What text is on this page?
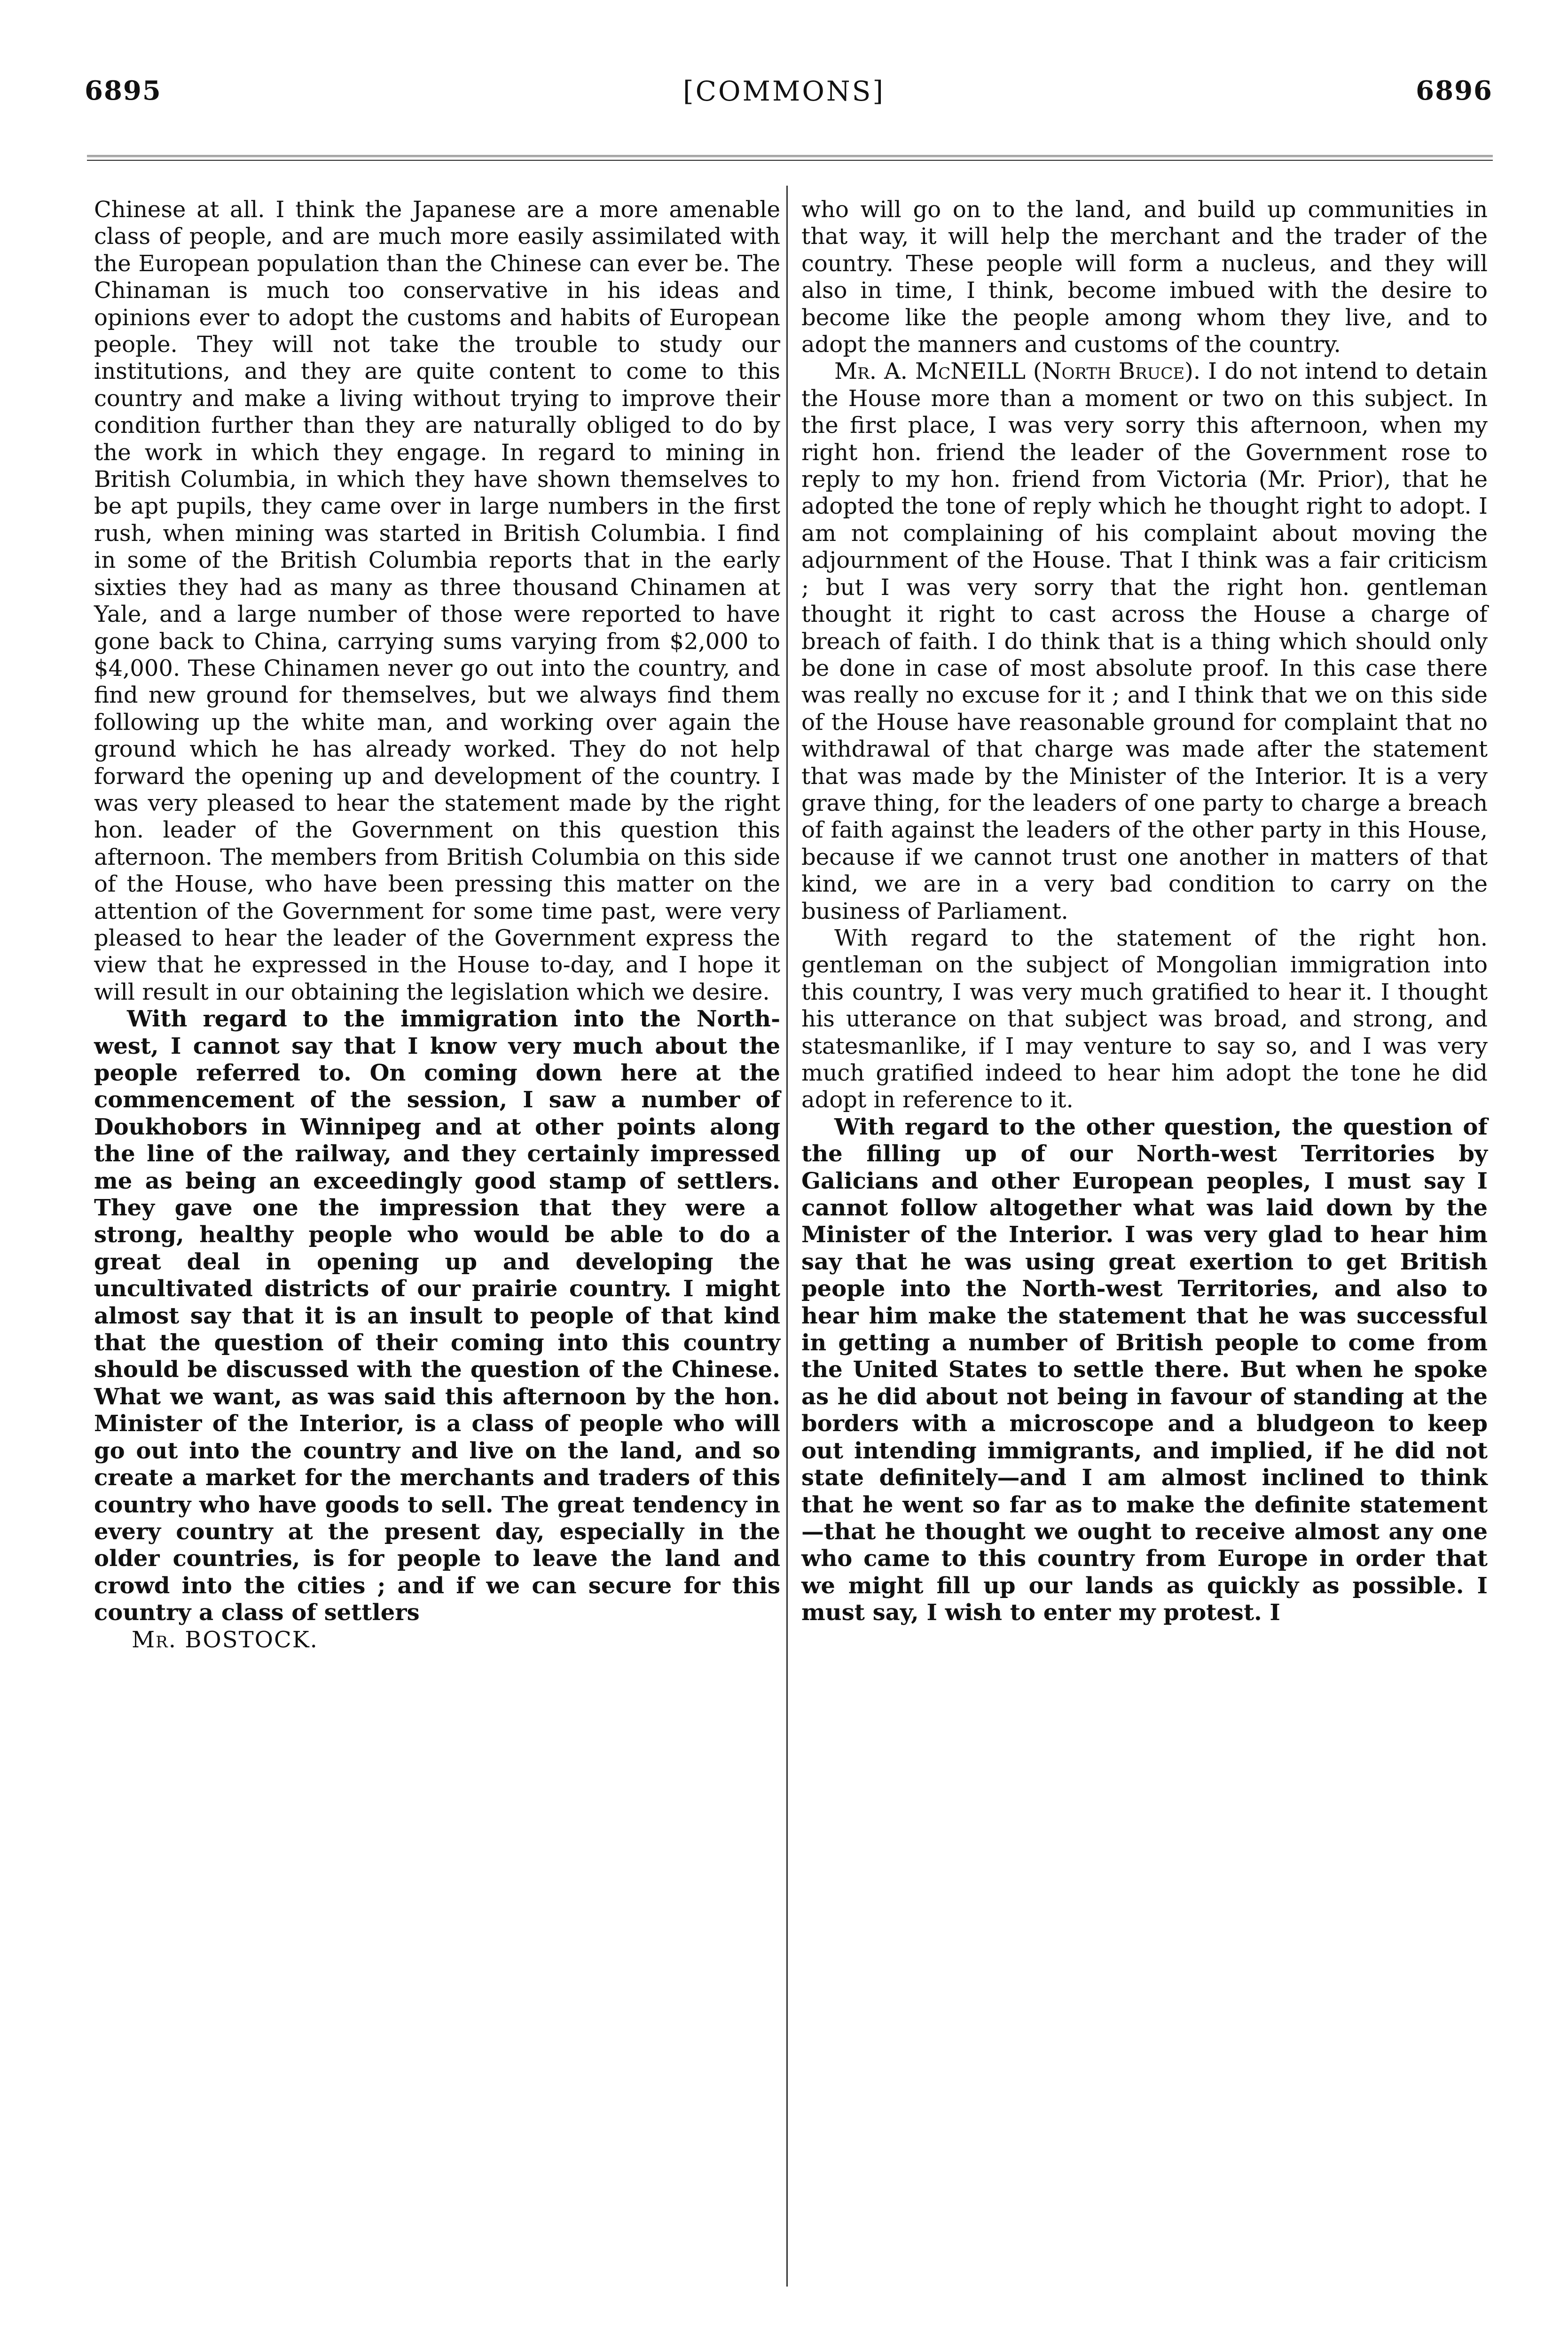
6895	[COMMONS]	6896

Chinese at all. I think the Japanese are a more amenable class of people, and are much more easily assimilated with the European population than the Chinese can ever be. The Chinaman is much too conservative in his ideas and opinions ever to adopt the customs and habits of European people. They will not take the trouble to study our institutions, and they are quite content to come to this country and make a living without trying to improve their condition further than they are naturally obliged to do by the work in which they engage. In regard to mining in British Columbia, in which they have shown themselves to be apt pupils, they came over in large numbers in the first rush, when mining was started in British Columbia. I find in some of the British Columbia reports that in the early sixties they had as many as three thousand Chinamen at Yale, and a large number of those were reported to have gone back to China, carrying sums varying from $2,000 to $4,000. These Chinamen never go out into the country, and find new ground for themselves, but we always find them following up the white man, and working over again the ground which he has already worked. They do not help forward the opening up and development of the country. I was very pleased to hear the statement made by the right hon. leader of the Government on this question this afternoon. The members from British Columbia on this side of the House, who have been pressing this matter on the attention of the Government for some time past, were very pleased to hear the leader of the Government express the view that he expressed in the House to-day, and I hope it will result in our obtaining the legislation which we desire.

With regard to the immigration into the North-west, I cannot say that I know very much about the people referred to. On coming down here at the commencement of the session, I saw a number of Doukhobors in Winnipeg and at other points along the line of the railway, and they certainly impressed me as being an exceedingly good stamp of settlers. They gave one the impression that they were a strong, healthy people who would be able to do a great deal in opening up and developing the uncultivated districts of our prairie country. I might almost say that it is an insult to people of that kind that the question of their coming into this country should be discussed with the question of the Chinese. What we want, as was said this afternoon by the hon. Minister of the Interior, is a class of people who will go out into the country and live on the land, and so create a market for the merchants and traders of this country who have goods to sell. The great tendency in every country at the present day, especially in the older countries, is for people to leave the land and crowd into the cities ; and if we can secure for this country a class of settlers

Mr. BOSTOCK.

who will go on to the land, and build up communities in that way, it will help the merchant and the trader of the country. These people will form a nucleus, and they will also in time, I think, become imbued with the desire to become like the people among whom they live, and to adopt the manners and customs of the country.

Mr. A. McNEILL (North Bruce). I do not intend to detain the House more than a moment or two on this subject. In the first place, I was very sorry this afternoon, when my right hon. friend the leader of the Government rose to reply to my hon. friend from Victoria (Mr. Prior), that he adopted the tone of reply which he thought right to adopt. I am not complaining of his complaint about moving the adjournment of the House. That I think was a fair criticism ; but I was very sorry that the right hon. gentleman thought it right to cast across the House a charge of breach of faith. I do think that is a thing which should only be done in case of most absolute proof. In this case there was really no excuse for it ; and I think that we on this side of the House have reasonable ground for complaint that no withdrawal of that charge was made after the statement that was made by the Minister of the Interior. It is a very grave thing, for the leaders of one party to charge a breach of faith against the leaders of the other party in this House, because if we cannot trust one another in matters of that kind, we are in a very bad condition to carry on the business of Parliament.

With regard to the statement of the right hon. gentleman on the subject of Mongolian immigration into this country, I was very much gratified to hear it. I thought his utterance on that subject was broad, and strong, and statesmanlike, if I may venture to say so, and I was very much gratified indeed to hear him adopt the tone he did adopt in reference to it.

With regard to the other question, the question of the filling up of our North-west Territories by Galicians and other European peoples, I must say I cannot follow altogether what was laid down by the Minister of the Interior. I was very glad to hear him say that he was using great exertion to get British people into the North-west Territories, and also to hear him make the statement that he was successful in getting a number of British people to come from the United States to settle there. But when he spoke as he did about not being in favour of standing at the borders with a microscope and a bludgeon to keep out intending immigrants, and implied, if he did not state definitely—and I am almost inclined to think that he went so far as to make the definite statement—that he thought we ought to receive almost any one who came to this country from Europe in order that we might fill up our lands as quickly as possible. I must say, I wish to enter my protest. I
